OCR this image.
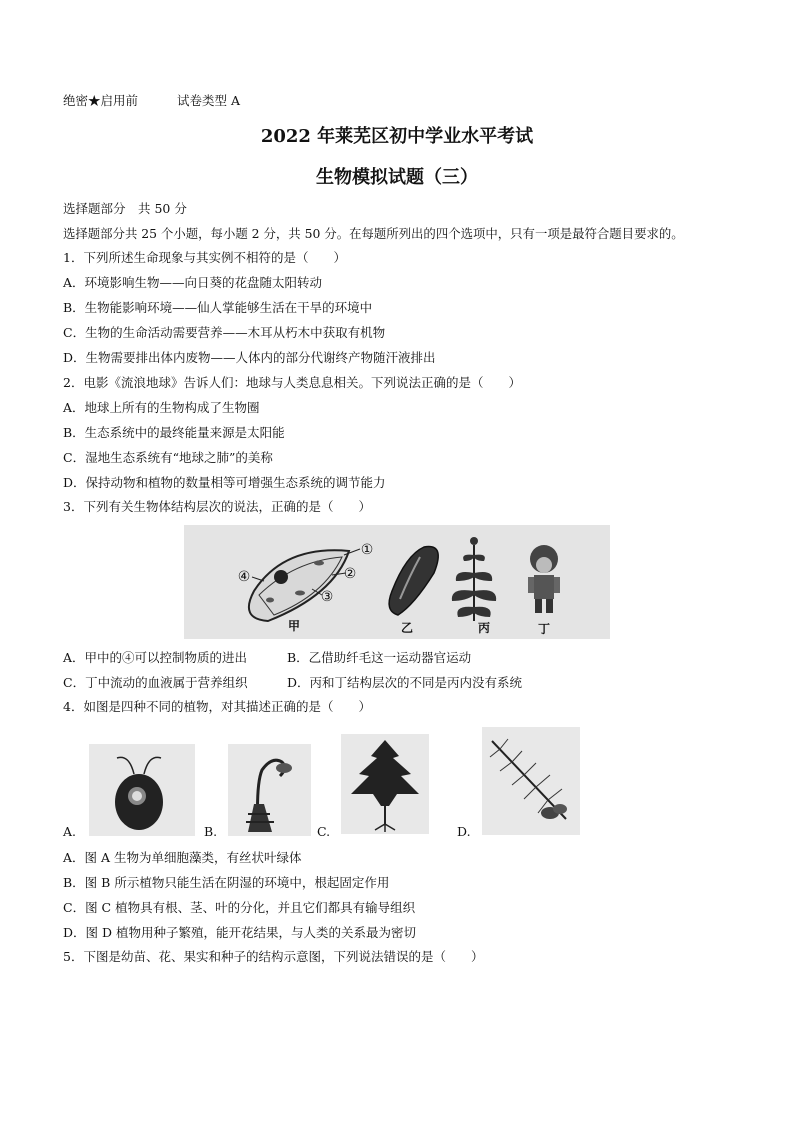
绝密★启用前	试卷类型 A
2022 年莱芜区初中学业水平考试
生物模拟试题（三）
选择题部分　共 50 分
选择题部分共 25 个小题，每小题 2 分，共 50 分。在每题所列出的四个选项中，只有一项是最符合题目要求的。
1．下列所述生命现象与其实例不相符的是（　　）
A．环境影响生物——向日葵的花盘随太阳转动
B．生物能影响环境——仙人掌能够生活在干旱的环境中
C．生物的生命活动需要营养——木耳从朽木中获取有机物
D．生物需要排出体内废物——人体内的部分代谢终产物随汗液排出
2．电影《流浪地球》告诉人们：地球与人类息息相关。下列说法正确的是（　　）
A．地球上所有的生物构成了生物圈
B．生态系统中的最终能量来源是太阳能
C．湿地生态系统有“地球之肺”的美称
D．保持动物和植物的数量相等可增强生态系统的调节能力
3．下列有关生物体结构层次的说法，正确的是（　　）
①
②
③
④
甲	乙	丙	丁
A．甲中的④可以控制物质的进出	B．乙借助纤毛这一运动器官运动
C．丁中流动的血液属于营养组织	D．丙和丁结构层次的不同是丙内没有系统
4．如图是四种不同的植物，对其描述正确的是（　　）
A.	B.	C.	D.
A．图 A 生物为单细胞藻类，有丝状叶绿体
B．图 B 所示植物只能生活在阴湿的环境中，根起固定作用
C．图 C 植物具有根、茎、叶的分化，并且它们都具有输导组织
D．图 D 植物用种子繁殖，能开花结果，与人类的关系最为密切
5．下图是幼苗、花、果实和种子的结构示意图，下列说法错误的是（　　）
